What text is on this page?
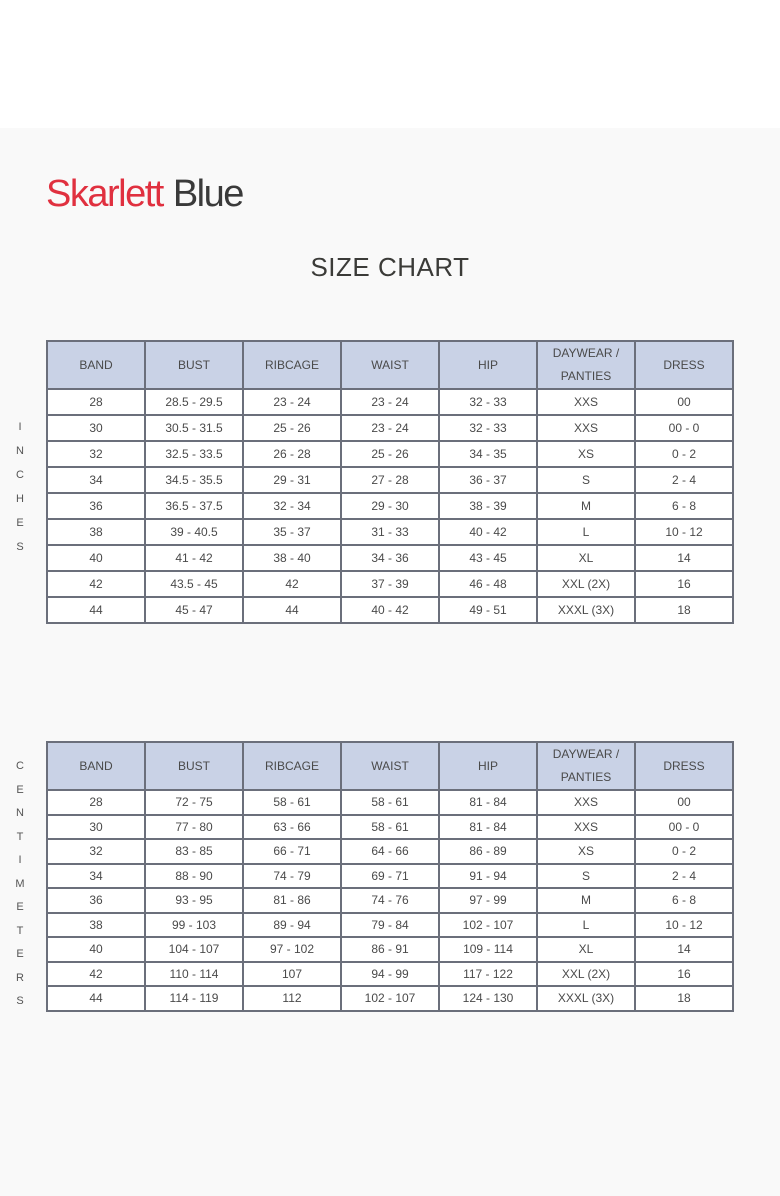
Skarlett Blue
SIZE CHART
I
N
C
H
E
S
C
E
N
T
I
M
E
T
E
R
S
BAND	BUST	RIBCAGE	WAIST	HIP	DAYWEAR /
PANTIES	DRESS
28	28.5 - 29.5	23 - 24	23 - 24	32 - 33	XXS	00
30	30.5 - 31.5	25 - 26	23 - 24	32 - 33	XXS	00 - 0
32	32.5 - 33.5	26 - 28	25 - 26	34 - 35	XS	0 - 2
34	34.5 - 35.5	29 - 31	27 - 28	36 - 37	S	2 - 4
36	36.5 - 37.5	32 - 34	29 - 30	38 - 39	M	6 - 8
38	39 - 40.5	35 - 37	31 - 33	40 - 42	L	10 - 12
40	41 - 42	38 - 40	34 - 36	43 - 45	XL	14
42	43.5 - 45	42	37 - 39	46 - 48	XXL (2X)	16
44	45 - 47	44	40 - 42	49 - 51	XXXL (3X)	18
BAND	BUST	RIBCAGE	WAIST	HIP	DAYWEAR /
PANTIES	DRESS
28	72 - 75	58 - 61	58 - 61	81 - 84	XXS	00
30	77 - 80	63 - 66	58 - 61	81 - 84	XXS	00 - 0
32	83 - 85	66 - 71	64 - 66	86 - 89	XS	0 - 2
34	88 - 90	74 - 79	69 - 71	91 - 94	S	2 - 4
36	93 - 95	81 - 86	74 - 76	97 - 99	M	6 - 8
38	99 - 103	89 - 94	79 - 84	102 - 107	L	10 - 12
40	104 - 107	97 - 102	86 - 91	109 - 114	XL	14
42	110 - 114	107	94 - 99	117 - 122	XXL (2X)	16
44	114 - 119	112	102 - 107	124 - 130	XXXL (3X)	18
